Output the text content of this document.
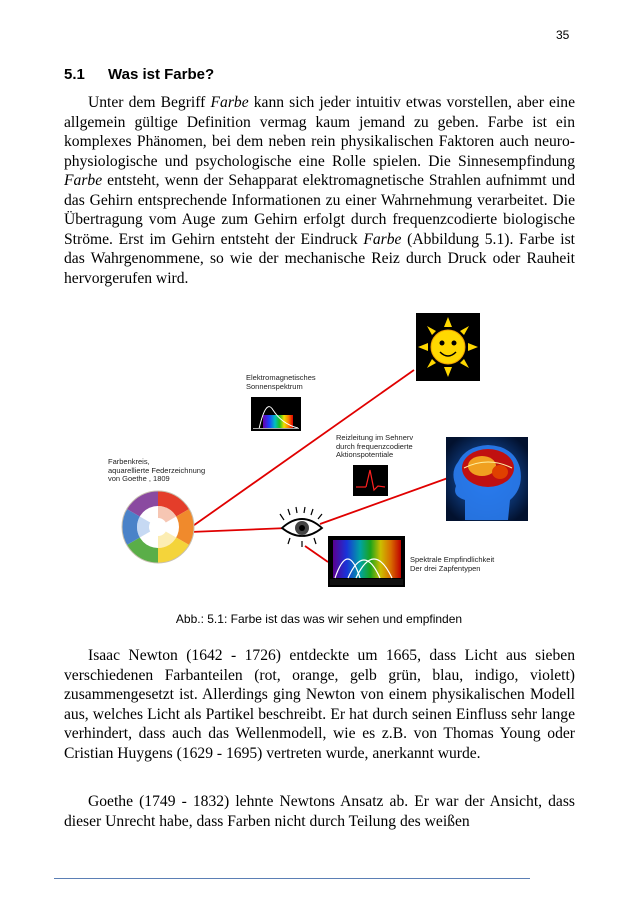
35
5.1 Was ist Farbe?

Unter dem Begriff Farbe kann sich jeder intuitiv etwas vorstellen, aber eine allgemein gültige Definition vermag kaum jemand zu geben. Farbe ist ein komplexes Phänomen, bei dem neben rein physikalischen Faktoren auch neuro-physiologische und psychologische eine Rolle spielen. Die Sinnesempfindung Farbe entsteht, wenn der Sehapparat elektromagnetische Strahlen aufnimmt und das Gehirn entsprechende Informationen zu einer Wahrnehmung verarbeitet. Die Übertragung vom Auge zum Gehirn erfolgt durch frequenzcodierte biologische Ströme. Erst im Gehirn entsteht der Eindruck Farbe (Abbildung 5.1). Farbe ist das Wahrgenommene, so wie der mechanische Reiz durch Druck oder Rauheit hervorgerufen wird.

Elektromagnetisches
Sonnenspektrum
Reizleitung im Sehnerv
durch frequenzcodierte
Aktionspotentiale
Farbenkreis,
aquarellierte Federzeichnung
von Goethe , 1809
Spektrale Empfindlichkeit
Der drei Zapfentypen
Abb.: 5.1: Farbe ist das was wir sehen und empfinden

Isaac Newton (1642 - 1726) entdeckte um 1665, dass Licht aus sieben verschiedenen Farbanteilen (rot, orange, gelb grün, blau, indigo, violett) zusammengesetzt ist. Allerdings ging Newton von einem physikalischen Modell aus, welches Licht als Partikel beschreibt. Er hat durch seinen Einfluss sehr lange verhindert, dass auch das Wellenmodell, wie es z.B. von Thomas Young oder Cristian Huygens (1629 - 1695) vertreten wurde, anerkannt wurde.

Goethe (1749 - 1832) lehnte Newtons Ansatz ab. Er war der Ansicht, dass dieser Unrecht habe, dass Farben nicht durch Teilung des weißen
